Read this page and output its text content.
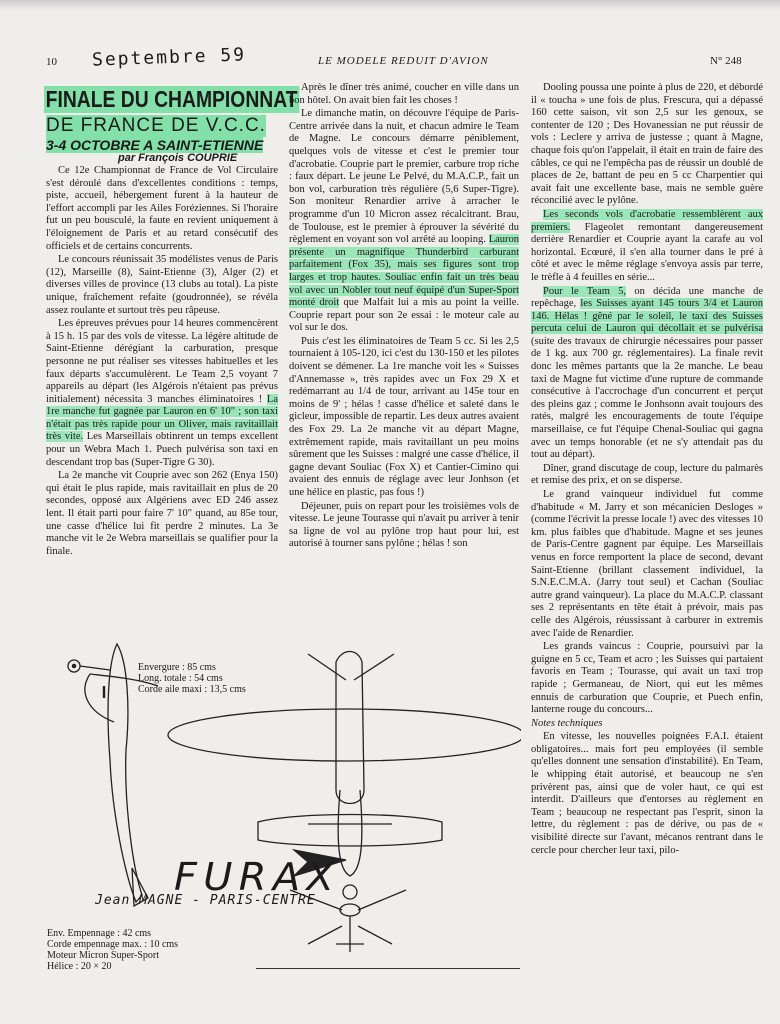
10 Septembre 59	LE MODELE REDUIT D'AVION	N° 248
FINALE DU CHAMPIONNAT
DE FRANCE DE V.C.C.
3-4 OCTOBRE A SAINT-ETIENNE
par François COUPRIE

Ce 12e Championnat de France de Vol Circulaire s'est déroulé dans d'excellentes conditions : temps, piste, accueil, hébergement furent à la hauteur de l'effort accompli par les Ailes Foréziennes. Si l'horaire fut un peu bousculé, la faute en revient uniquement à l'éloignement de Paris et au retard consécutif des officiels et de certains concurrents.

Le concours réunissait 35 modélistes venus de Paris (12), Marseille (8), Saint-Etienne (3), Alger (2) et diverses villes de province (13 clubs au total). La piste unique, fraîchement refaite (goudronnée), se révéla assez roulante et surtout très peu râpeuse.

Les épreuves prévues pour 14 heures commencèrent à 15 h. 15 par des vols de vitesse. La légère altitude de Saint-Etienne dérégiant la carburation, presque personne ne put réaliser ses vitesses habituelles et les faux départs s'accumulèrent. Le Team 2,5 voyant 7 appareils au départ (les Algérois n'étaient pas prévus initialement) nécessita 3 manches éliminatoires ! La 1re manche fut gagnée par Lauron en 6' 10" ; son taxi n'était pas très rapide pour un Oliver, mais ravitaillait très vite. Les Marseillais obtinrent un temps excellent pour un Webra Mach 1. Puech pulvérisa son taxi en descendant trop bas (Super-Tigre G 30).

La 2e manche vit Couprie avec son 262 (Enya 150) qui était le plus rapide, mais ravitaillait en plus de 20 secondes, opposé aux Algériens avec ED 246 assez lent. Il était parti pour faire 7' 10" quand, au 85e tour, une casse d'hélice lui fit perdre 2 minutes. La 3e manche vit le 2e Webra marseillais se qualifier pour la finale.

Après le dîner très animé, coucher en ville dans un bon hôtel. On avait bien fait les choses !

Le dimanche matin, on découvre l'équipe de Paris-Centre arrivée dans la nuit, et chacun admire le Team de Magne. Le concours démarre péniblement, quelques vols de vitesse et c'est le premier tour d'acrobatie. Couprie part le premier, carbure trop riche : faux départ. Le jeune Le Pelvé, du M.A.C.P., fait un bon vol, carburation très régulière (5,6 Super-Tigre). Son moniteur Renardier arrive à arracher le programme d'un 10 Micron assez récalcitrant. Brau, de Toulouse, est le premier à éprouver la sévérité du règlement en voyant son vol arrêté au looping. Lauron présente un magnifique Thunderbird carburant parfaitement (Fox 35), mais ses figures sont trop larges et trop hautes. Souliac enfin fait un très beau vol avec un Nobler tout neuf équipé d'un Super-Sport monté droit que Malfait lui a mis au point la veille. Couprie repart pour son 2e essai : le moteur cale au vol sur le dos.

Puis c'est les éliminatoires de Team 5 cc. Si les 2,5 tournaient à 105-120, ici c'est du 130-150 et les pilotes doivent se démener. La 1re manche voit les « Suisses d'Annemasse », très rapides avec un Fox 29 X et redémarrant au 1/4 de tour, arrivant au 145e tour en moins de 9' ; hélas ! casse d'hélice et saleté dans le gicleur, impossible de repartir. Les deux autres avaient des Fox 29. La 2e manche vit au départ Magne, extrêmement rapide, mais ravitaillant un peu moins sûrement que les Suisses : malgré une casse d'hélice, il gagne devant Souliac (Fox X) et Cantier-Cimino qui avaient des ennuis de réglage avec leur Jonhson (et une hélice en plastic, pas fous !)

Déjeuner, puis on repart pour les troisièmes vols de vitesse. Le jeune Tourasse qui n'avait pu arriver à tenir sa ligne de vol au pylône trop haut pour lui, est autorisé à tourner sans pylône ; hélas ! son

Dooling poussa une pointe à plus de 220, et débordé il « toucha » une fois de plus. Frescura, qui a dépassé 160 cette saison, vit son 2,5 sur les genoux, se contenter de 120 ; Des Hovanessian ne put réussir de vols : Leclere y arriva de justesse ; quant à Magne, chaque fois qu'on l'appelait, il était en train de faire des câbles, ce qui ne l'empêcha pas de réussir un doublé de places de 2e, battant de peu en 5 cc Charpentier qui avait fait une excellente base, mais ne semble guère réconcilié avec le pylône.

Les seconds vols d'acrobatie ressemblèrent aux premiers. Flageolet remontant dangereusement derrière Renardier et Couprie ayant la carafe au vol horizontal. Ecœuré, il s'en alla tourner dans le pré à côté et avec le même réglage s'envoya assis par terre, le trèfle à 4 feuilles en série...

Pour le Team 5, on décida une manche de repêchage, les Suisses ayant 145 tours 3/4 et Lauron 146. Hélas ! gêné par le soleil, le taxi des Suisses percuta celui de Lauron qui décollait et se pulvérisa (suite des travaux de chirurgie nécessaires pour passer de 1 kg. aux 700 gr. réglementaires). La finale revit donc les mêmes partants que la 2e manche. Le beau taxi de Magne fut victime d'une rupture de commande consécutive à l'accrochage d'un concurrent et perçut des pleins gaz ; comme le Jonhsonn avait toujours des ratés, malgré les encouragements de toute l'équipe marseillaise, ce fut l'équipe Chenal-Souliac qui gagna avec un temps honorable (et ne s'y attendait pas du tout au départ).

Dîner, grand discutage de coup, lecture du palmarès et remise des prix, et on se disperse.

Le grand vainqueur individuel fut comme d'habitude « M. Jarry et son mécanicien Desloges » (comme l'écrivit la presse locale !) avec des vitesses 10 km. plus faibles que d'habitude. Magne et ses jeunes de Paris-Centre gagnent par équipe. Les Marseillais venus en force remportent la place de second, devant Saint-Etienne (brillant classement individuel, la S.N.E.C.M.A. (Jarry tout seul) et Cachan (Souliac autre grand vainqueur). La place du M.A.C.P. classant ses 2 représentants en tête était à prévoir, mais pas celle des Algérois, réussissant à carburer in extremis avec l'aide de Renardier.

Les grands vaincus : Couprie, poursuivi par la guigne en 5 cc, Team et acro ; les Suisses qui partaient favoris en Team ; Tourasse, qui avait un taxi trop rapide ; Germaneau, de Niort, qui eut les mêmes ennuis de carburation que Couprie, et Puech enfin, lanterne rouge du concours...

Notes techniques

En vitesse, les nouvelles poignées F.A.I. étaient obligatoires... mais fort peu employées (il semble qu'elles donnent une sensation d'instabilité). En Team, le whipping était autorisé, et beaucoup ne s'en privèrent pas, ainsi que de voler haut, ce qui est interdit. D'ailleurs que d'entorses au règlement en Team ; beaucoup ne respectant pas l'esprit, sinon la lettre, du règlement : pas de dérive, ou pas de « visibilité directe sur l'avant, mécanos rentrant dans le cercle pour chercher leur taxi, pilo-

Envergure : 85 cms
Long. totale : 54 cms
Corde aile maxi : 13,5 cms
FURAX
Jean MAGNE - PARIS-CENTRE
Env. Empennage : 42 cms
Corde empennage max. : 10 cms
Moteur Micron Super-Sport
Hélice : 20 × 20
